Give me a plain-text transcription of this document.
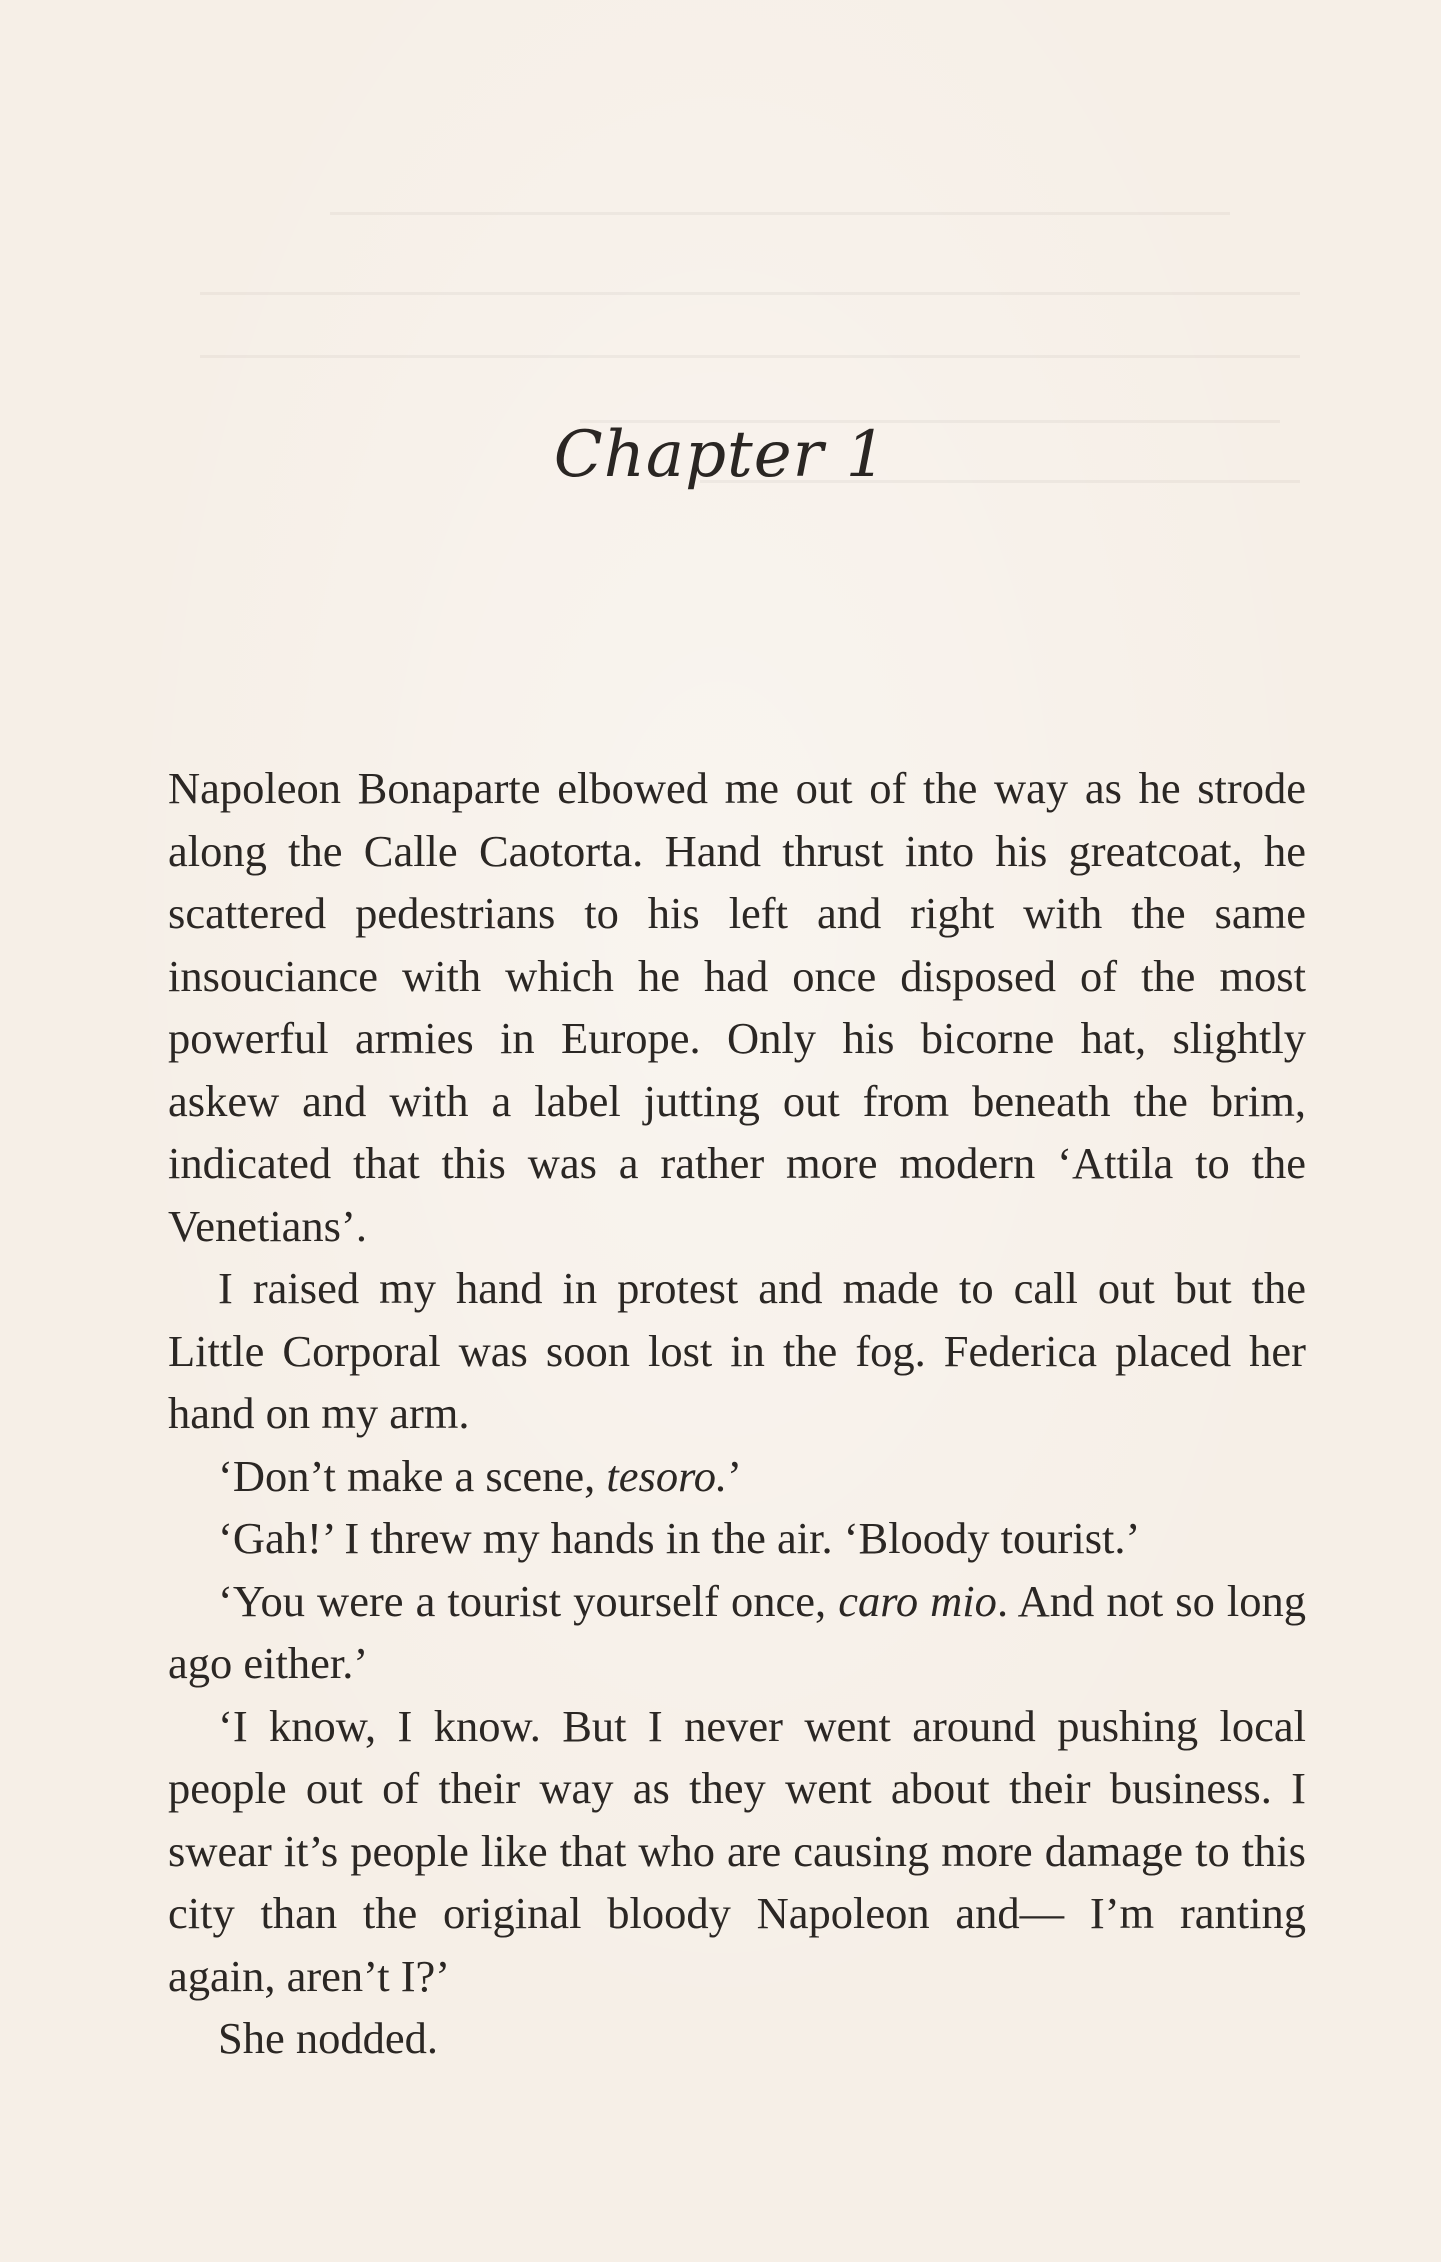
Chapter 1

Napoleon Bonaparte elbowed me out of the way as he strode along the Calle Caotorta. Hand thrust into his greatcoat, he scattered pedestrians to his left and right with the same insouciance with which he had once disposed of the most powerful armies in Europe. Only his bicorne hat, slightly askew and with a label jutting out from beneath the brim, indicated that this was a rather more modern ‘Attila to the Venetians’.

I raised my hand in protest and made to call out but the Little Corporal was soon lost in the fog. Federica placed her hand on my arm.

‘Don’t make a scene, tesoro.’

‘Gah!’ I threw my hands in the air. ‘Bloody tourist.’

‘You were a tourist yourself once, caro mio. And not so long ago either.’

‘I know, I know. But I never went around pushing local people out of their way as they went about their business. I swear it’s people like that who are causing more damage to this city than the original bloody Napoleon and— I’m ranting again, aren’t I?’

She nodded.
